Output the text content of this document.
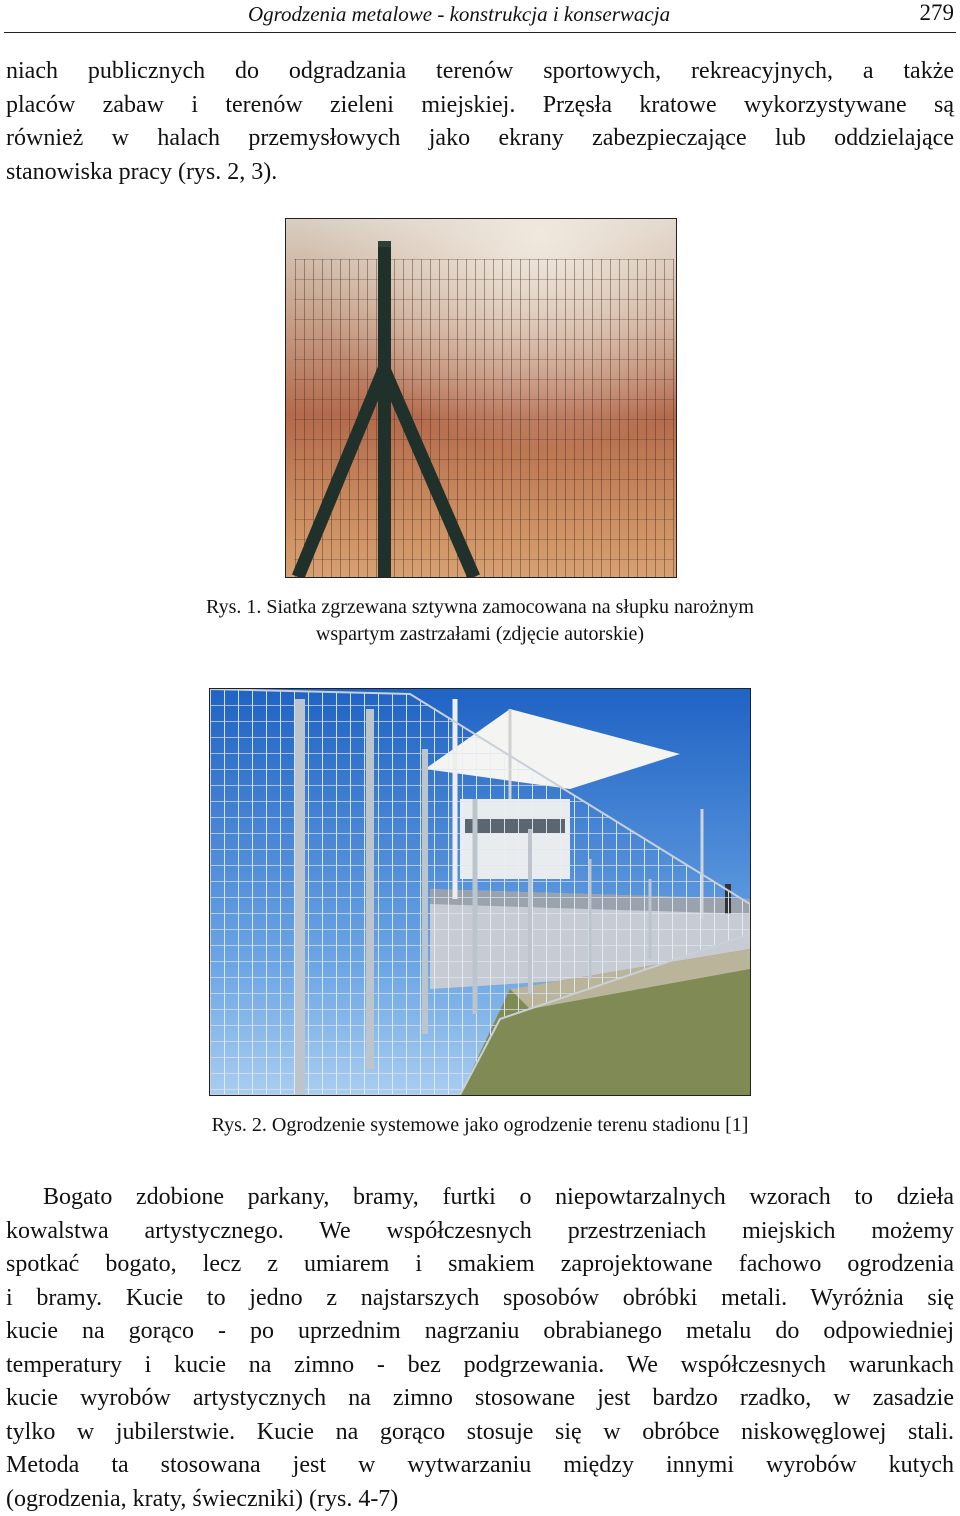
Ogrodzenia metalowe - konstrukcja i konserwacja	279

niach publicznych do odgradzania terenów sportowych, rekreacyjnych, a także
placów zabaw i terenów zieleni miejskiej. Przęsła kratowe wykorzystywane są
również w halach przemysłowych jako ekrany zabezpieczające lub oddzielające
stanowiska pracy (rys. 2, 3).

Rys. 1. Siatka zgrzewana sztywna zamocowana na słupku narożnym
wspartym zastrzałami (zdjęcie autorskie)
Rys. 2. Ogrodzenie systemowe jako ogrodzenie terenu stadionu [1]

Bogato zdobione parkany, bramy, furtki o niepowtarzalnych wzorach to dzieła
kowalstwa artystycznego. We współczesnych przestrzeniach miejskich możemy
spotkać bogato, lecz z umiarem i smakiem zaprojektowane fachowo ogrodzenia
i bramy. Kucie to jedno z najstarszych sposobów obróbki metali. Wyróżnia się
kucie na gorąco - po uprzednim nagrzaniu obrabianego metalu do odpowiedniej
temperatury i kucie na zimno - bez podgrzewania. We współczesnych warunkach
kucie wyrobów artystycznych na zimno stosowane jest bardzo rzadko, w zasadzie
tylko w jubilerstwie. Kucie na gorąco stosuje się w obróbce niskowęglowej stali.
Metoda ta stosowana jest w wytwarzaniu między innymi wyrobów kutych
(ogrodzenia, kraty, świeczniki) (rys. 4-7)
